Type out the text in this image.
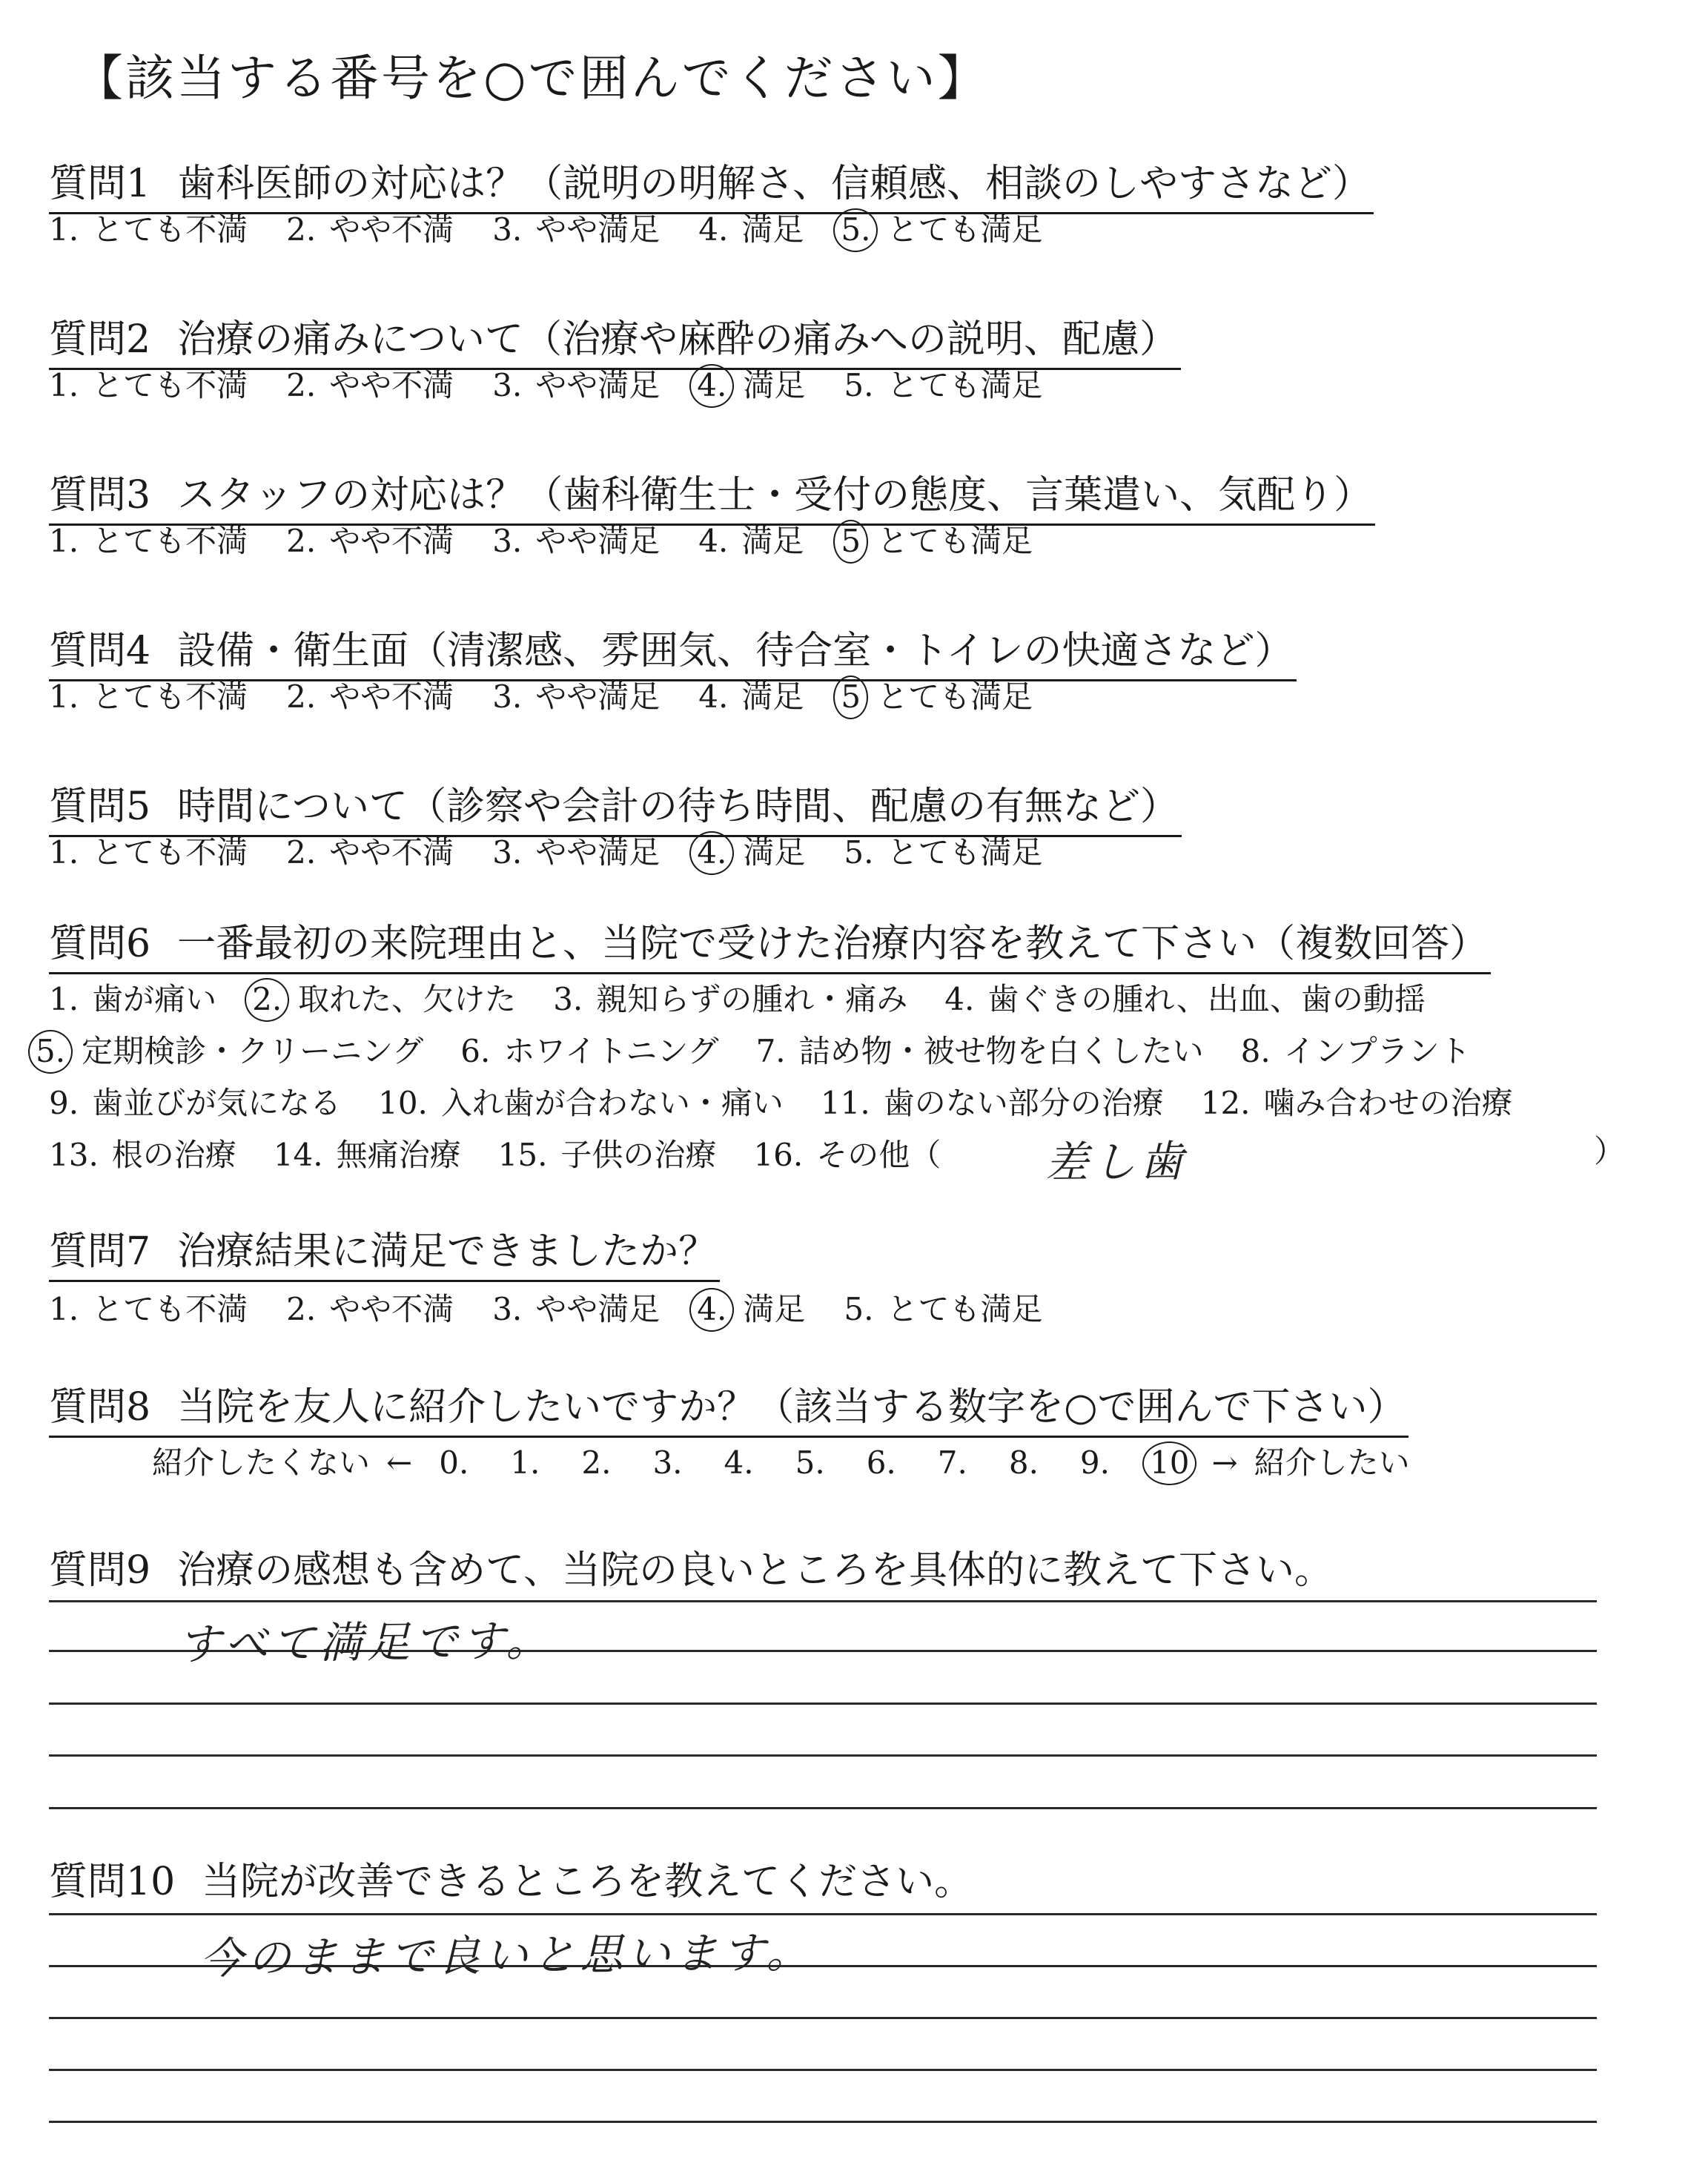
【該当する番号を○で囲んでください】
質問1 歯科医師の対応は？（説明の明解さ、信頼感、相談のしやすさなど）
1. とても不満 2. やや不満 3. やや満足 4. 満足 5. とても満足
質問2 治療の痛みについて（治療や麻酔の痛みへの説明、配慮）
1. とても不満 2. やや不満 3. やや満足 4. 満足 5. とても満足
質問3 スタッフの対応は？（歯科衛生士・受付の態度、言葉遣い、気配り）
1. とても不満 2. やや不満 3. やや満足 4. 満足 5 とても満足
質問4 設備・衛生面（清潔感、雰囲気、待合室・トイレの快適さなど）
1. とても不満 2. やや不満 3. やや満足 4. 満足 5 とても満足
質問5 時間について（診察や会計の待ち時間、配慮の有無など）
1. とても不満 2. やや不満 3. やや満足 4. 満足 5. とても満足
質問6 一番最初の来院理由と、当院で受けた治療内容を教えて下さい（複数回答）
1. 歯が痛い 2. 取れた、欠けた 3. 親知らずの腫れ・痛み 4. 歯ぐきの腫れ、出血、歯の動揺
5. 定期検診・クリーニング 6. ホワイトニング 7. 詰め物・被せ物を白くしたい 8. インプラント
9. 歯並びが気になる 10. 入れ歯が合わない・痛い 11. 歯のない部分の治療 12. 噛み合わせの治療
13. 根の治療 14. 無痛治療 15. 子供の治療 16. その他（	差し歯	）
質問7 治療結果に満足できましたか？
1. とても不満 2. やや不満 3. やや満足 4. 満足 5. とても満足
質問8 当院を友人に紹介したいですか？（該当する数字を○で囲んで下さい）
紹介したくない ← 0. 1. 2. 3. 4. 5. 6. 7. 8. 9. 10 → 紹介したい
質問9 治療の感想も含めて、当院の良いところを具体的に教えて下さい。
すべて満足です。
質問10 当院が改善できるところを教えてください。
今のままで良いと思います。
